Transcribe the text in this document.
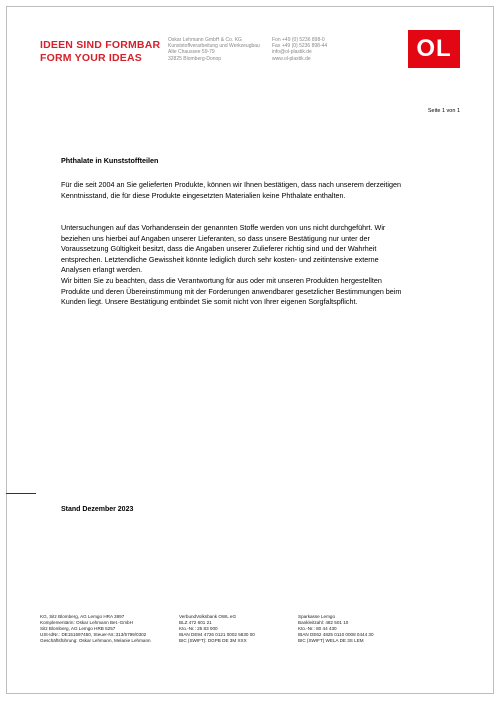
IDEEN SIND FORMBAR
FORM YOUR IDEAS
Oskar Lehmann GmbH & Co. KG
Kunststoffverarbeitung und Werkzeugbau
Alte Chaussee 59-79
32825 Blomberg-Donop
Fon +49 (0) 5236 898-0
Fax +49 (0) 5236 898-44
info@ol-plastik.de
www.ol-plastik.de	OL
Seite 1 von 1
Phthalate in Kunststoffteilen
Für die seit 2004 an Sie gelieferten Produkte, können wir Ihnen bestätigen, dass nach unserem derzeitigen
Kenntnisstand, die für diese Produkte eingesetzten Materialien keine Phthalate enthalten.
Untersuchungen auf das Vorhandensein der genannten Stoffe werden von uns nicht durchgeführt. Wir
beziehen uns hierbei auf Angaben unserer Lieferanten, so dass unsere Bestätigung nur unter der
Voraussetzung Gültigkeit besitzt, dass die Angaben unserer Zulieferer richtig sind und der Wahrheit
entsprechen. Letztendliche Gewissheit könnte lediglich durch sehr kosten- und zeitintensive externe
Analysen erlangt werden.
Wir bitten Sie zu beachten, dass die Verantwortung für aus oder mit unseren Produkten hergestellten
Produkte und deren Übereinstimmung mit der Forderungen anwendbarer gesetzlicher Bestimmungen beim
Kunden liegt. Unsere Bestätigung entbindet Sie somit nicht von Ihrer eigenen Sorgfaltspflicht.
Stand Dezember 2023
KG, Sitz Blomberg, AG Lemgo HRA 3897
Komplementärin: Oskar Lehmann Bet.-GmbH
Sitz Blomberg, AG Lemgo HRB 5257
USt-IdNr.: DE151697450, Steuer-Nr.:313/5799/0302
Geschäftsführung: Oskar Lehmann, Melanie Lehmann
VerbundVolksbank OWL eG
BLZ 472 601 21
Kto.-Nr.: 25 83 000
IBAN DE94 4726 0121 0002 5830 00
BIC (SWIFT): DGPB DE 3M XXX
Sparkasse Lemgo
Bankleitzahl: 482 501 10
Kto.-Nr.: 80 44 430
IBAN DE62 4825 0110 0008 0444 30
BIC (SWIFT) WELA DE 3S LEM
